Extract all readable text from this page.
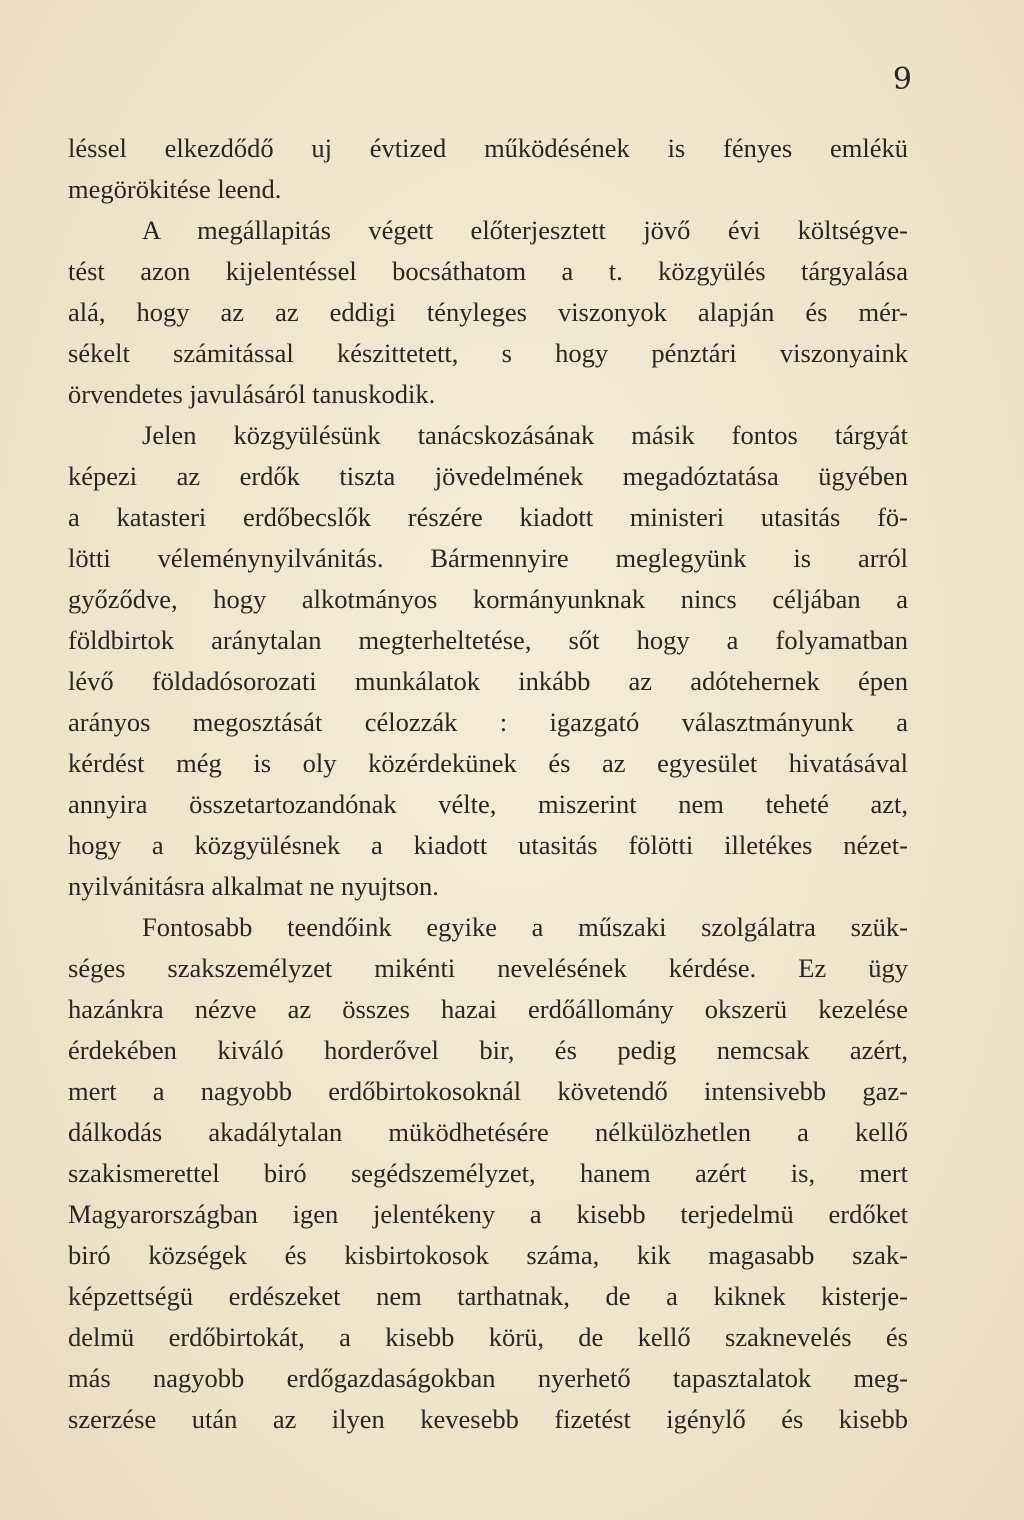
9
léssel elkezdődő uj évtized működésének is fényes emlékü
megörökitése leend.
A megállapitás végett előterjesztett jövő évi költségve-
tést azon kijelentéssel bocsáthatom a t. közgyülés tárgyalása
alá, hogy az az eddigi tényleges viszonyok alapján és mér-
sékelt számitással készittetett, s hogy pénztári viszonyaink
örvendetes javulásáról tanuskodik.
Jelen közgyülésünk tanácskozásának másik fontos tárgyát
képezi az erdők tiszta jövedelmének megadóztatása ügyében
a katasteri erdőbecslők részére kiadott ministeri utasitás fö-
lötti véleménynyilvánitás. Bármennyire meglegyünk is arról
győződve, hogy alkotmányos kormányunknak nincs céljában a
földbirtok aránytalan megterheltetése, sőt hogy a folyamatban
lévő földadósorozati munkálatok inkább az adótehernek épen
arányos megosztását célozzák : igazgató választmányunk a
kérdést még is oly közérdekünek és az egyesület hivatásával
annyira összetartozandónak vélte, miszerint nem teheté azt,
hogy a közgyülésnek a kiadott utasitás fölötti illetékes nézet-
nyilvánitásra alkalmat ne nyujtson.
Fontosabb teendőink egyike a műszaki szolgálatra szük-
séges szakszemélyzet mikénti nevelésének kérdése. Ez ügy
hazánkra nézve az összes hazai erdőállomány okszerü kezelése
érdekében kiváló horderővel bir, és pedig nemcsak azért,
mert a nagyobb erdőbirtokosoknál követendő intensivebb gaz-
dálkodás akadálytalan müködhetésére nélkülözhetlen a kellő
szakismerettel biró segédszemélyzet, hanem azért is, mert
Magyarországban igen jelentékeny a kisebb terjedelmü erdőket
biró községek és kisbirtokosok száma, kik magasabb szak-
képzettségü erdészeket nem tarthatnak, de a kiknek kisterje-
delmü erdőbirtokát, a kisebb körü, de kellő szaknevelés és
más nagyobb erdőgazdaságokban nyerhető tapasztalatok meg-
szerzése után az ilyen kevesebb fizetést igénylő és kisebb
